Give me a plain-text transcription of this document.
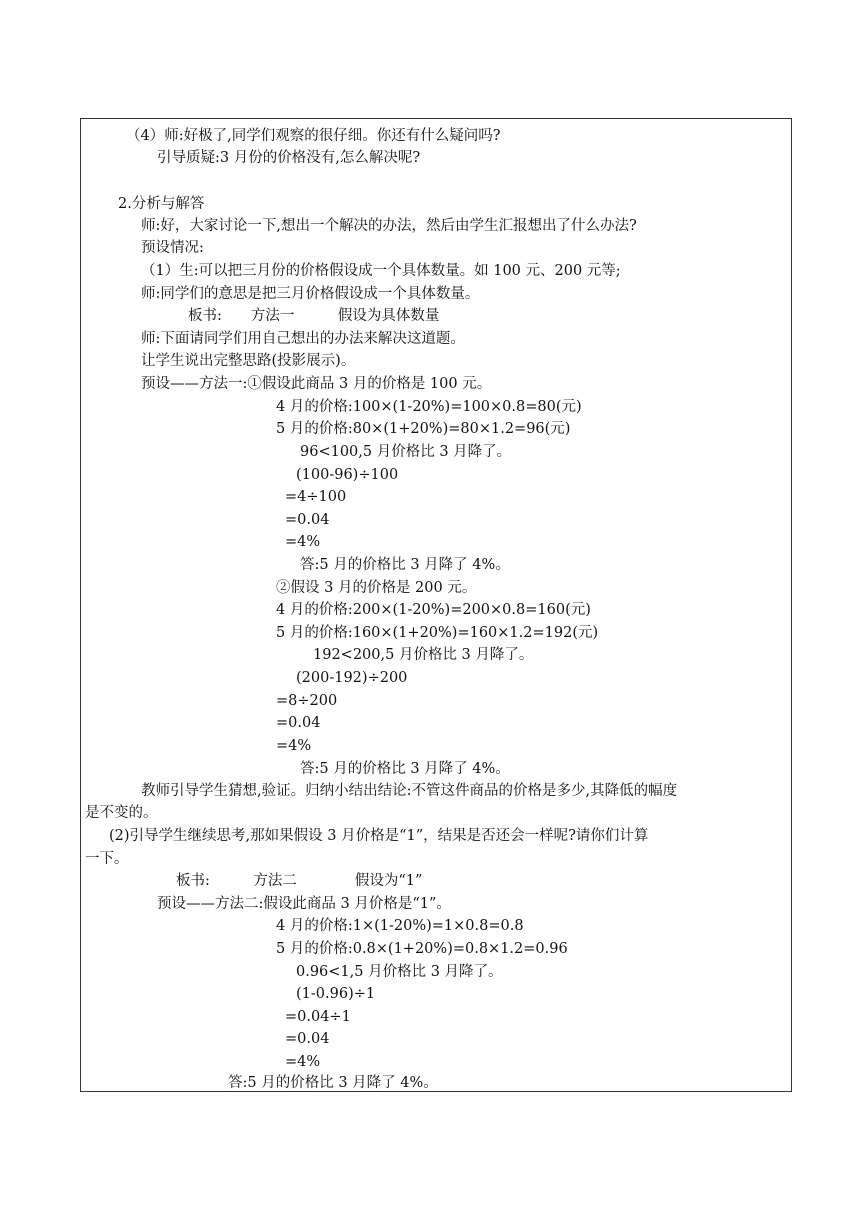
（4）师:好极了,同学们观察的很仔细。你还有什么疑问吗?
引导质疑:3 月份的价格没有,怎么解决呢?
2.分析与解答
师:好，大家讨论一下,想出一个解决的办法，然后由学生汇报想出了什么办法?
预设情况:
（1）生:可以把三月份的价格假设成一个具体数量。如 100 元、200 元等;
师:同学们的意思是把三月价格假设成一个具体数量。
板书:　　方法一　　　假设为具体数量
师:下面请同学们用自己想出的办法来解决这道题。
让学生说出完整思路(投影展示)。
预设——方法一:①假设此商品 3 月的价格是 100 元。
4 月的价格:100×(1-20%)=100×0.8=80(元)
5 月的价格:80×(1+20%)=80×1.2=96(元)
96<100,5 月价格比 3 月降了。
(100-96)÷100
=4÷100
=0.04
=4%
答:5 月的价格比 3 月降了 4%。
②假设 3 月的价格是 200 元。
4 月的价格:200×(1-20%)=200×0.8=160(元)
5 月的价格:160×(1+20%)=160×1.2=192(元)
192<200,5 月价格比 3 月降了。
(200-192)÷200
=8÷200
=0.04
=4%
答:5 月的价格比 3 月降了 4%。
教师引导学生猜想,验证。归纳小结出结论:不管这件商品的价格是多少,其降低的幅度
是不变的。
(2)引导学生继续思考,那如果假设 3 月价格是“1”，结果是否还会一样呢?请你们计算
一下。
板书:　　　方法二　　　　假设为“1”
预设——方法二:假设此商品 3 月价格是“1”。
4 月的价格:1×(1-20%)=1×0.8=0.8
5 月的价格:0.8×(1+20%)=0.8×1.2=0.96
0.96<1,5 月价格比 3 月降了。
(1-0.96)÷1
=0.04÷1
=0.04
=4%
答:5 月的价格比 3 月降了 4%。
